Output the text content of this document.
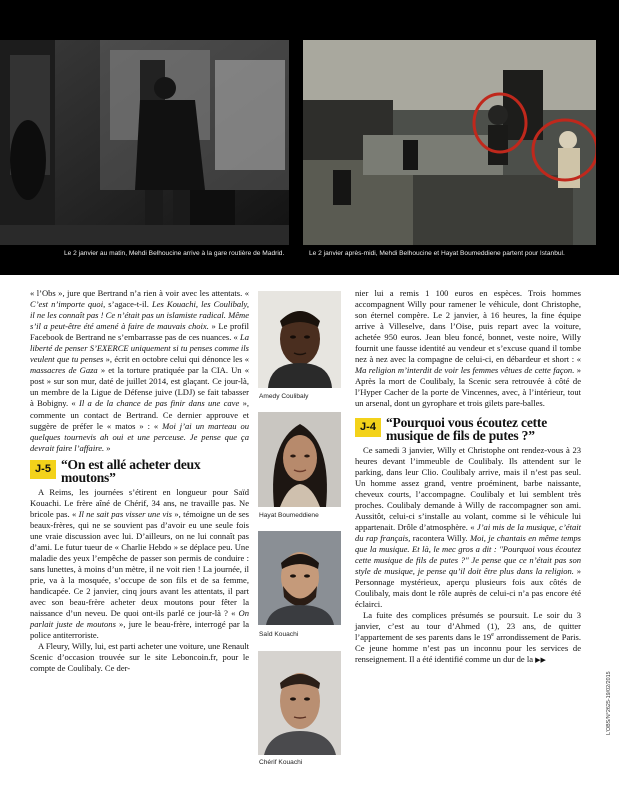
Le 2 janvier au matin, Mehdi Belhoucine arrive à la gare routière de Madrid.	Le 2 janvier après-midi, Mehdi Belhoucine et Hayat Boumeddiene partent pour Istanbul.

« l’Obs », jure que Bertrand n’a rien à voir avec les attentats. « C’est n’importe quoi, s’agace-t-il. Les Kouachi, les Coulibaly, il ne les connaît pas ! Ce n’était pas un islamiste radical. Même s’il a peut-être été amené à faire de mauvais choix. » Le profil Facebook de Bertrand ne s’embarrasse pas de ces nuances. « La liberté de penser S’EXERCE uniquement si tu penses comme ils veulent que tu penses », écrit en octobre celui qui dénonce les « massacres de Gaza » et la torture pratiquée par la CIA. Un « post » sur son mur, daté de juillet 2014, est glaçant. Ce jour-là, un membre de la Ligue de Défense juive (LDJ) se fait tabasser à Bobigny. « Il a de la chance de pas finir dans une cave », commente un contact de Bertrand. Ce dernier approuve et suggère de préfer le « matos » : « Moi j’ai un marteau ou quelques tournevis ah oui et une perceuse. Je pense que ça devrait faire l’affaire. »

J-5 “On est allé acheter deux moutons”

A Reims, les journées s’étirent en longueur pour Saïd Kouachi. Le frère aîné de Chérif, 34 ans, ne travaille pas. Ne bricole pas. « Il ne sait pas visser une vis », témoigne un de ses beaux-frères, qui ne se souvient pas d’avoir eu une seule fois une vraie discussion avec lui. D’ailleurs, on ne lui connaît pas d’ami. Le futur tueur de « Charlie Hebdo » se déplace peu. Une maladie des yeux l’empêche de passer son permis de conduire : sans lunettes, à moins d’un mètre, il ne voit rien ! La journée, il prie, va à la mosquée, s’occupe de son fils et de sa femme, handicapée. Ce 2 janvier, cinq jours avant les attentats, il part avec son beau-frère acheter deux moutons pour fêter la naissance d’un neveu. De quoi ont-ils parlé ce jour-là ? « On parlait juste de moutons », jure le beau-frère, interrogé par la police antiterroriste.

A Fleury, Willy, lui, est parti acheter une voiture, une Renault Scenic d’occasion trouvée sur le site Leboncoin.fr, pour le compte de Coulibaly. Ce der-

Amedy Coulibaly
Hayat Boumeddiene
Saïd Kouachi
Chérif Kouachi

nier lui a remis 1 100 euros en espèces. Trois hommes accompagnent Willy pour ramener le véhicule, dont Christophe, son éternel compère. Le 2 janvier, à 16 heures, la fine équipe arrive à Villeselve, dans l’Oise, puis repart avec la voiture, achetée 950 euros. Jean bleu foncé, bonnet, veste noire, Willy fournit une fausse identité au vendeur et s’excuse quand il tombe nez à nez avec la compagne de celui-ci, en débardeur et short : « Ma religion m’interdit de voir les femmes vêtues de cette façon. » Après la mort de Coulibaly, la Scenic sera retrouvée à côté de l’Hyper Cacher de la porte de Vincennes, avec, à l’intérieur, tout un arsenal, dont un gyrophare et trois gilets pare-balles.

J-4 “Pourquoi vous écoutez cette musique de fils de putes ?”

Ce samedi 3 janvier, Willy et Christophe ont rendez-vous à 23 heures devant l’immeuble de Coulibaly. Ils attendent sur le parking, dans leur Clio. Coulibaly arrive, mais il n’est pas seul. Un homme assez grand, ventre proéminent, barbe naissante, cheveux courts, l’accompagne. Coulibaly et lui semblent très proches. Coulibaly demande à Willy de raccompagner son ami. Aussitôt, celui-ci s’installe au volant, comme si le véhicule lui appartenait. Drôle d’atmosphère. « J’ai mis de la musique, c’était du rap français, racontera Willy. Moi, je chantais en même temps que la musique. Et là, le mec gros a dit : "Pourquoi vous écoutez cette musique de fils de putes ?" Je pense que ce n’était pas son style de musique, je pense qu’il doit être plus dans la religion. » Personnage mystérieux, aperçu plusieurs fois aux côtés de Coulibaly, mais dont le rôle auprès de celui-ci n’a pas encore été éclairci.

La fuite des complices présumés se poursuit. Le soir du 3 janvier, c’est au tour d’Ahmed (1), 23 ans, de quitter l’appartement de ses parents dans le 19e arrondissement de Paris. Ce jeune homme n’est pas un inconnu pour les services de renseignement. Il a été identifié comme un dur de la ▶▶

L’OBS/N°2625-19/02/2015
